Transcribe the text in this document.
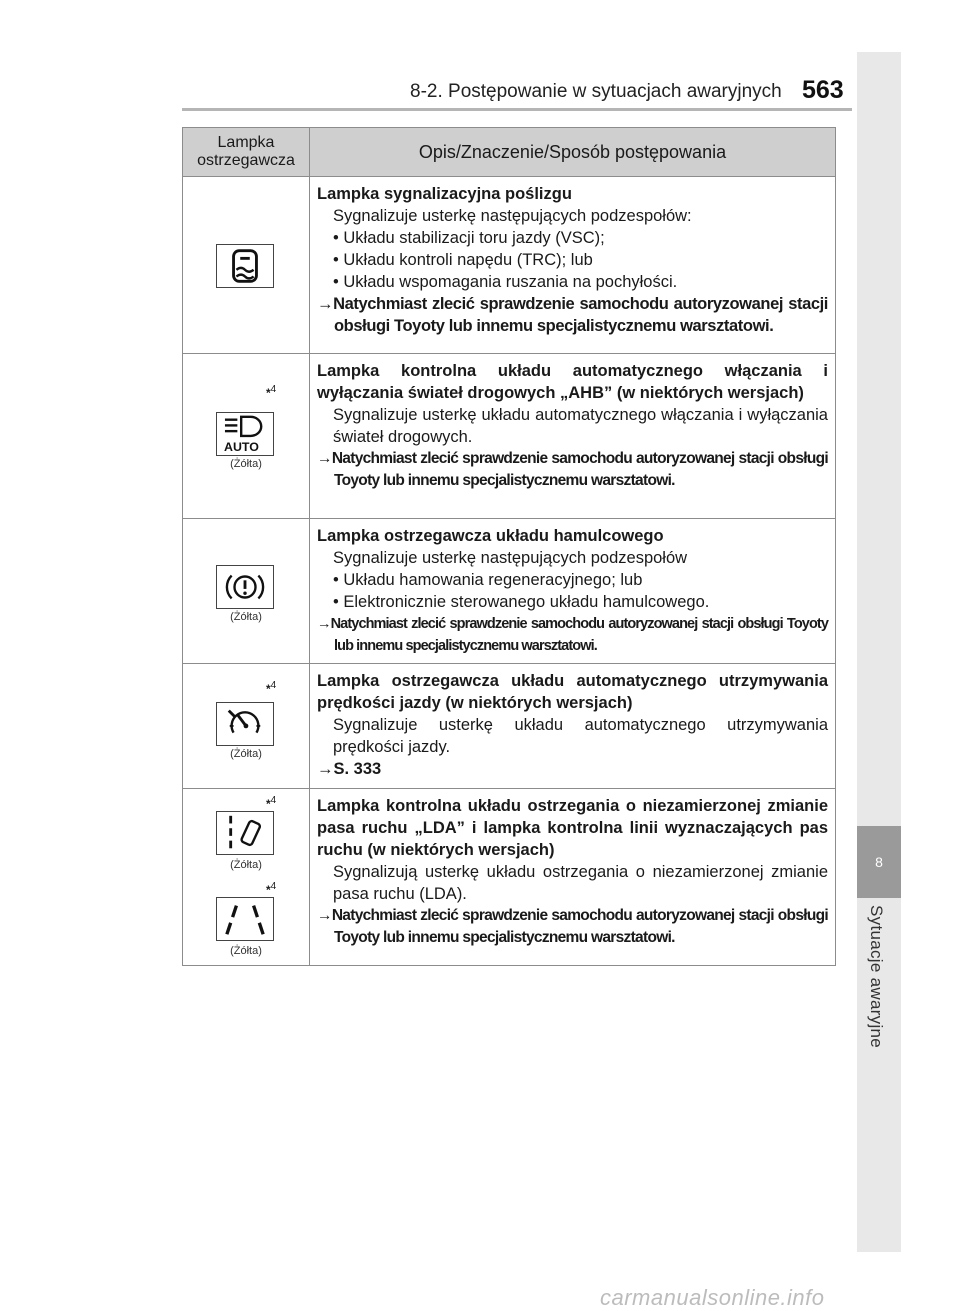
8-2. Postępowanie w sytuacjach awaryjnych 563
8
Sytuacje awaryjne
Lampka ostrzegawcza	Opis/Znaczenie/Sposób postępowania
Lampka sygnalizacyjna poślizgu
Sygnalizuje usterkę następujących podzespołów:
• Układu stabilizacji toru jazdy (VSC);
• Układu kontroli napędu (TRC); lub
• Układu wspomagania ruszania na pochyłości.
→Natychmiast zlecić sprawdzenie samochodu autoryzowanej stacji obsługi Toyoty lub innemu specjalistycznemu warsztatowi.
*$^4$
AUTO
(Żółta)
Lampka kontrolna układu automatycznego włączania i wyłączania świateł drogowych „AHB” (w niektórych wersjach)
Sygnalizuje usterkę układu automatycznego włączania i wyłączania świateł drogowych.
→Natychmiast zlecić sprawdzenie samochodu autoryzowanej stacji obsługi Toyoty lub innemu specjalistycznemu warsztatowi.
(Żółta)
Lampka ostrzegawcza układu hamulcowego
Sygnalizuje usterkę następujących podzespołów
• Układu hamowania regeneracyjnego; lub
• Elektronicznie sterowanego układu hamulcowego.
→Natychmiast zlecić sprawdzenie samochodu autoryzowanej stacji obsługi Toyoty lub innemu specjalistycznemu warsztatowi.
*$^4$
(Żółta)
Lampka ostrzegawcza układu automatycznego utrzymywania prędkości jazdy (w niektórych wersjach)
Sygnalizuje usterkę układu automatycznego utrzymywania prędkości jazdy.
→S. 333
*$^4$
(Żółta)
*$^4$
(Żółta)
Lampka kontrolna układu ostrzegania o niezamierzonej zmianie pasa ruchu „LDA” i lampka kontrolna linii wyznaczających pas ruchu (w niektórych wersjach)
Sygnalizują usterkę układu ostrzegania o niezamierzonej zmianie pasa ruchu (LDA).
→Natychmiast zlecić sprawdzenie samochodu autoryzowanej stacji obsługi Toyoty lub innemu specjalistycznemu warsztatowi.
carmanualsonline.info
